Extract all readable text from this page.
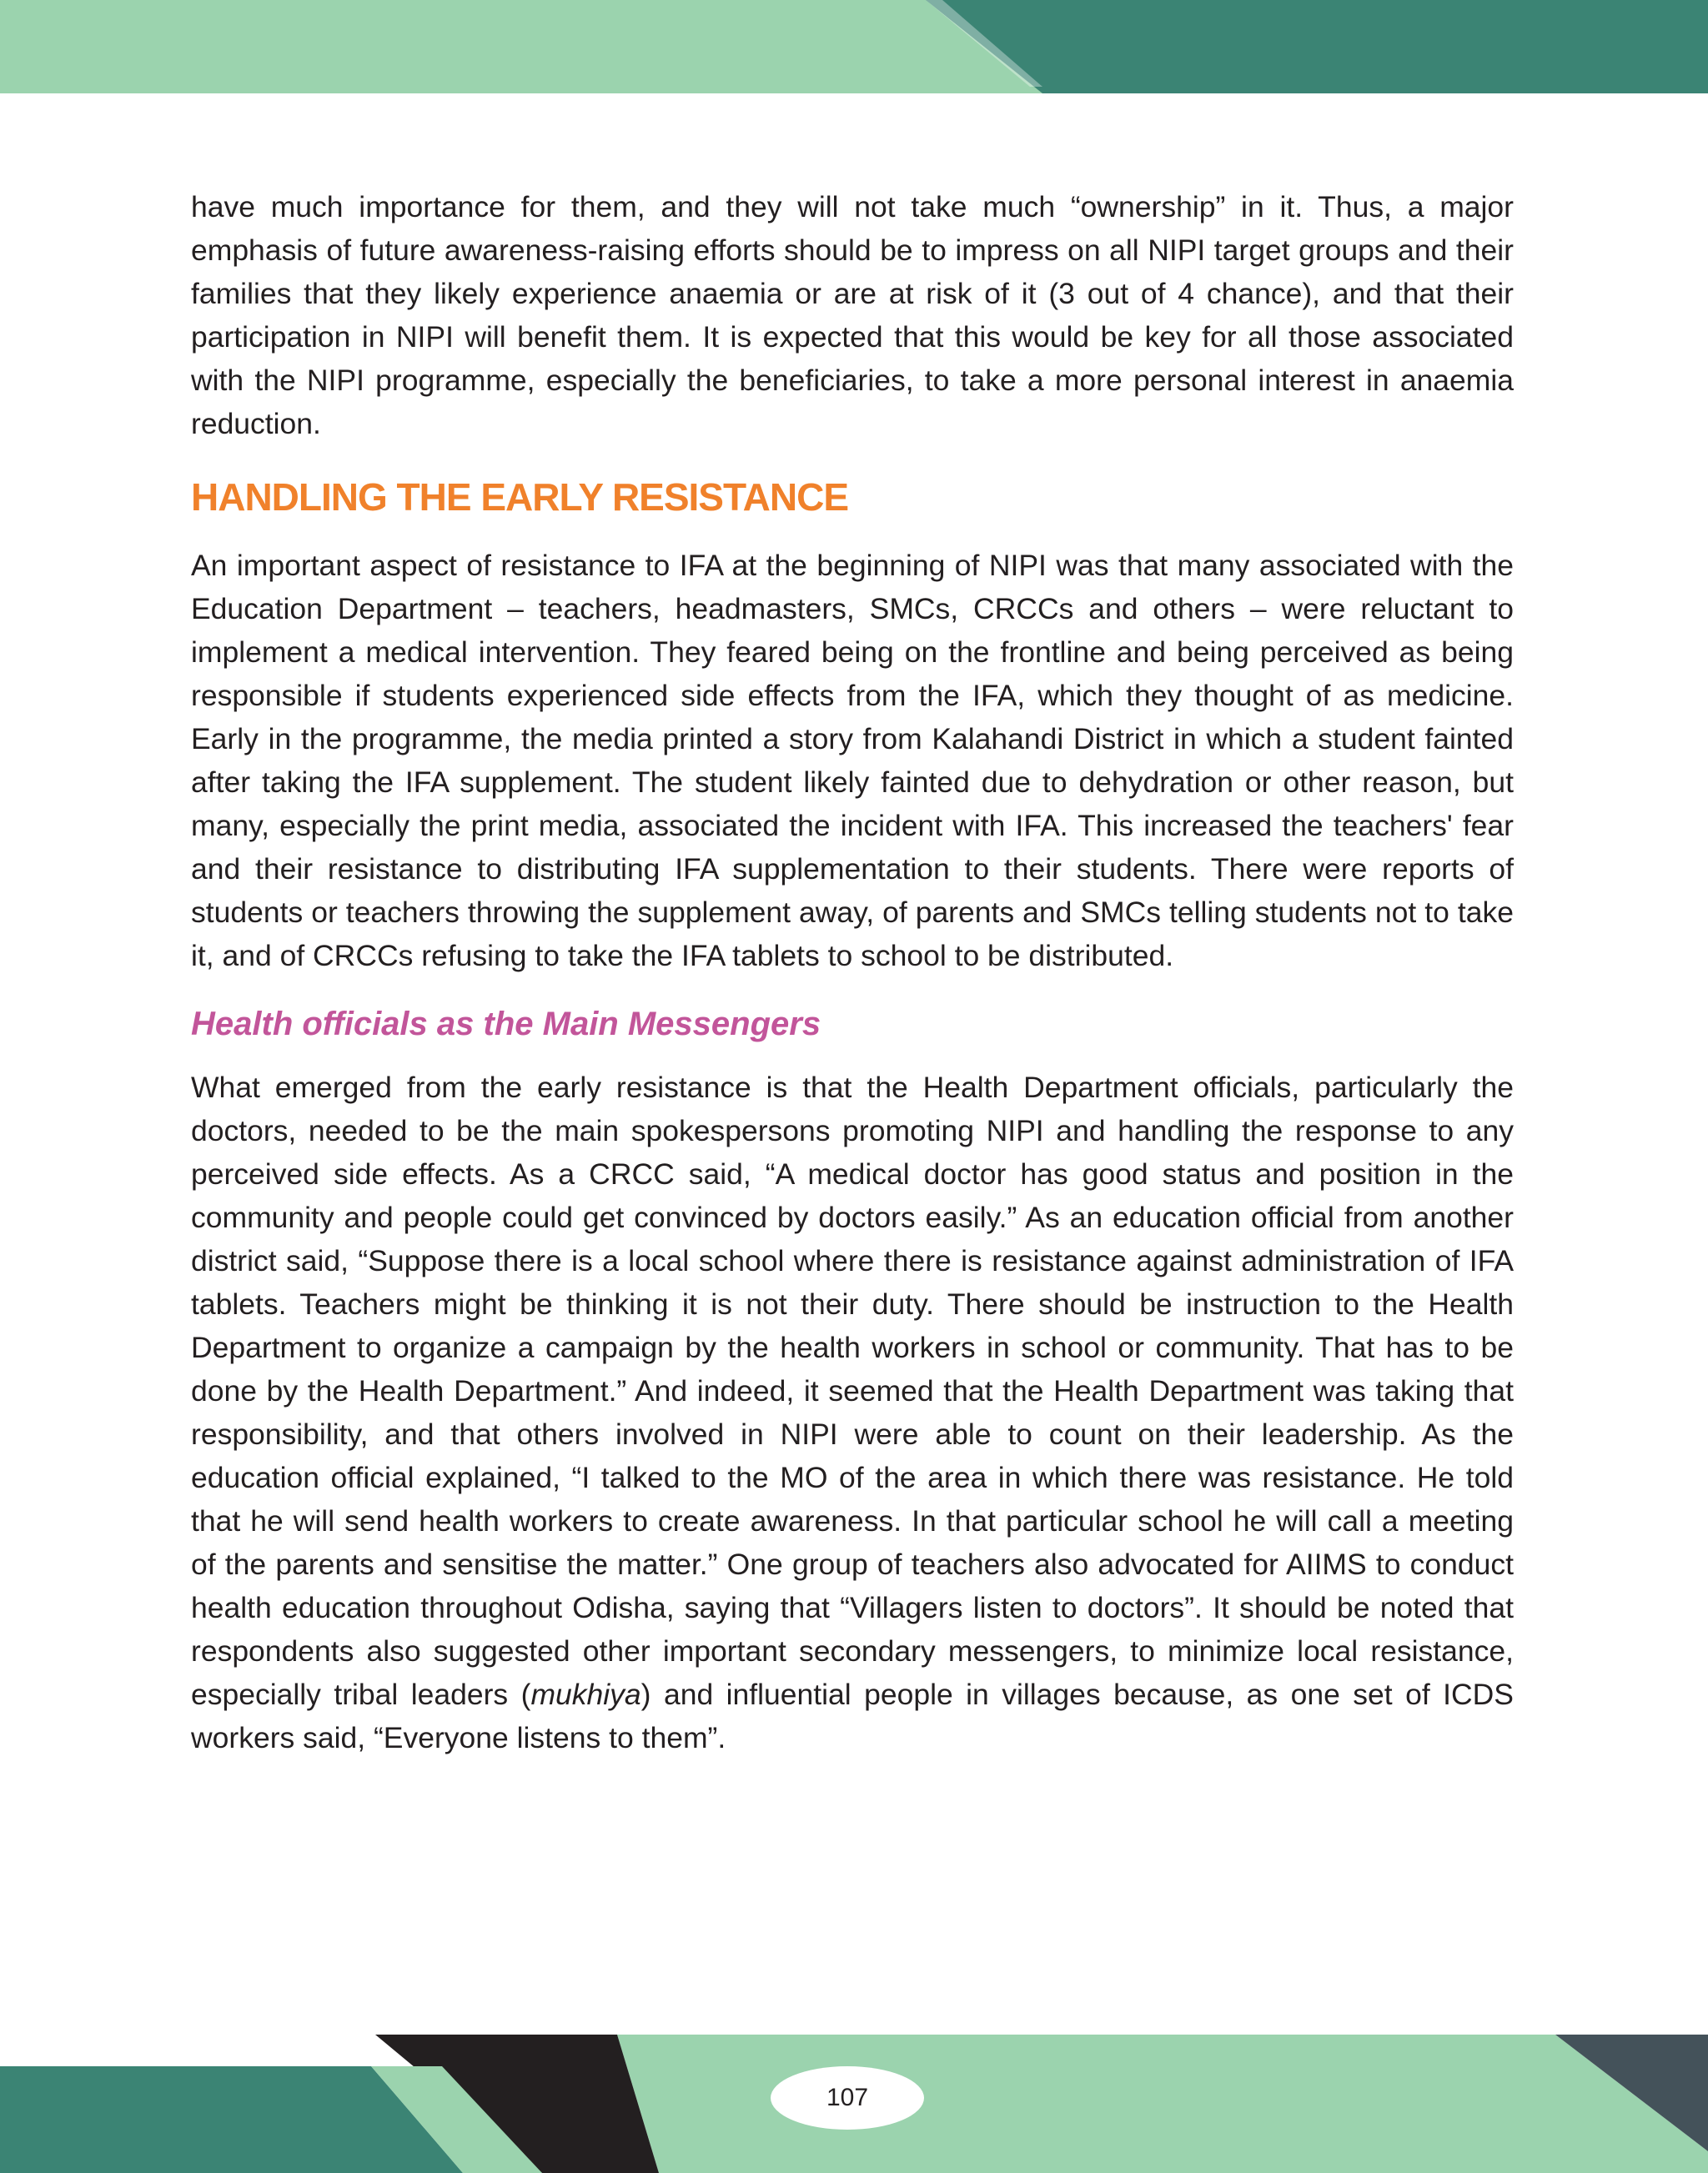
have much importance for them, and they will not take much “ownership” in it. Thus, a major emphasis of future awareness-raising efforts should be to impress on all NIPI target groups and their families that they likely experience anaemia or are at risk of it (3 out of 4 chance), and that their participation in NIPI will benefit them. It is expected that this would be key for all those associated with the NIPI programme, especially the beneficiaries, to take a more personal interest in anaemia reduction.

HANDLING THE EARLY RESISTANCE

An important aspect of resistance to IFA at the beginning of NIPI was that many associated with the Education Department – teachers, headmasters, SMCs, CRCCs and others – were reluctant to implement a medical intervention. They feared being on the frontline and being perceived as being responsible if students experienced side effects from the IFA, which they thought of as medicine. Early in the programme, the media printed a story from Kalahandi District in which a student fainted after taking the IFA supplement. The student likely fainted due to dehydration or other reason, but many, especially the print media, associated the incident with IFA. This increased the teachers' fear and their resistance to distributing IFA supplementation to their students. There were reports of students or teachers throwing the supplement away, of parents and SMCs telling students not to take it, and of CRCCs refusing to take the IFA tablets to school to be distributed.

Health officials as the Main Messengers

What emerged from the early resistance is that the Health Department officials, particularly the doctors, needed to be the main spokespersons promoting NIPI and handling the response to any perceived side effects. As a CRCC said, “A medical doctor has good status and position in the community and people could get convinced by doctors easily.” As an education official from another district said, “Suppose there is a local school where there is resistance against administration of IFA tablets. Teachers might be thinking it is not their duty. There should be instruction to the Health Department to organize a campaign by the health workers in school or community. That has to be done by the Health Department.” And indeed, it seemed that the Health Department was taking that responsibility, and that others involved in NIPI were able to count on their leadership. As the education official explained, “I talked to the MO of the area in which there was resistance. He told that he will send health workers to create awareness. In that particular school he will call a meeting of the parents and sensitise the matter.” One group of teachers also advocated for AIIMS to conduct health education throughout Odisha, saying that “Villagers listen to doctors”. It should be noted that respondents also suggested other important secondary messengers, to minimize local resistance, especially tribal leaders (mukhiya) and influential people in villages because, as one set of ICDS workers said, “Everyone listens to them”.

107
